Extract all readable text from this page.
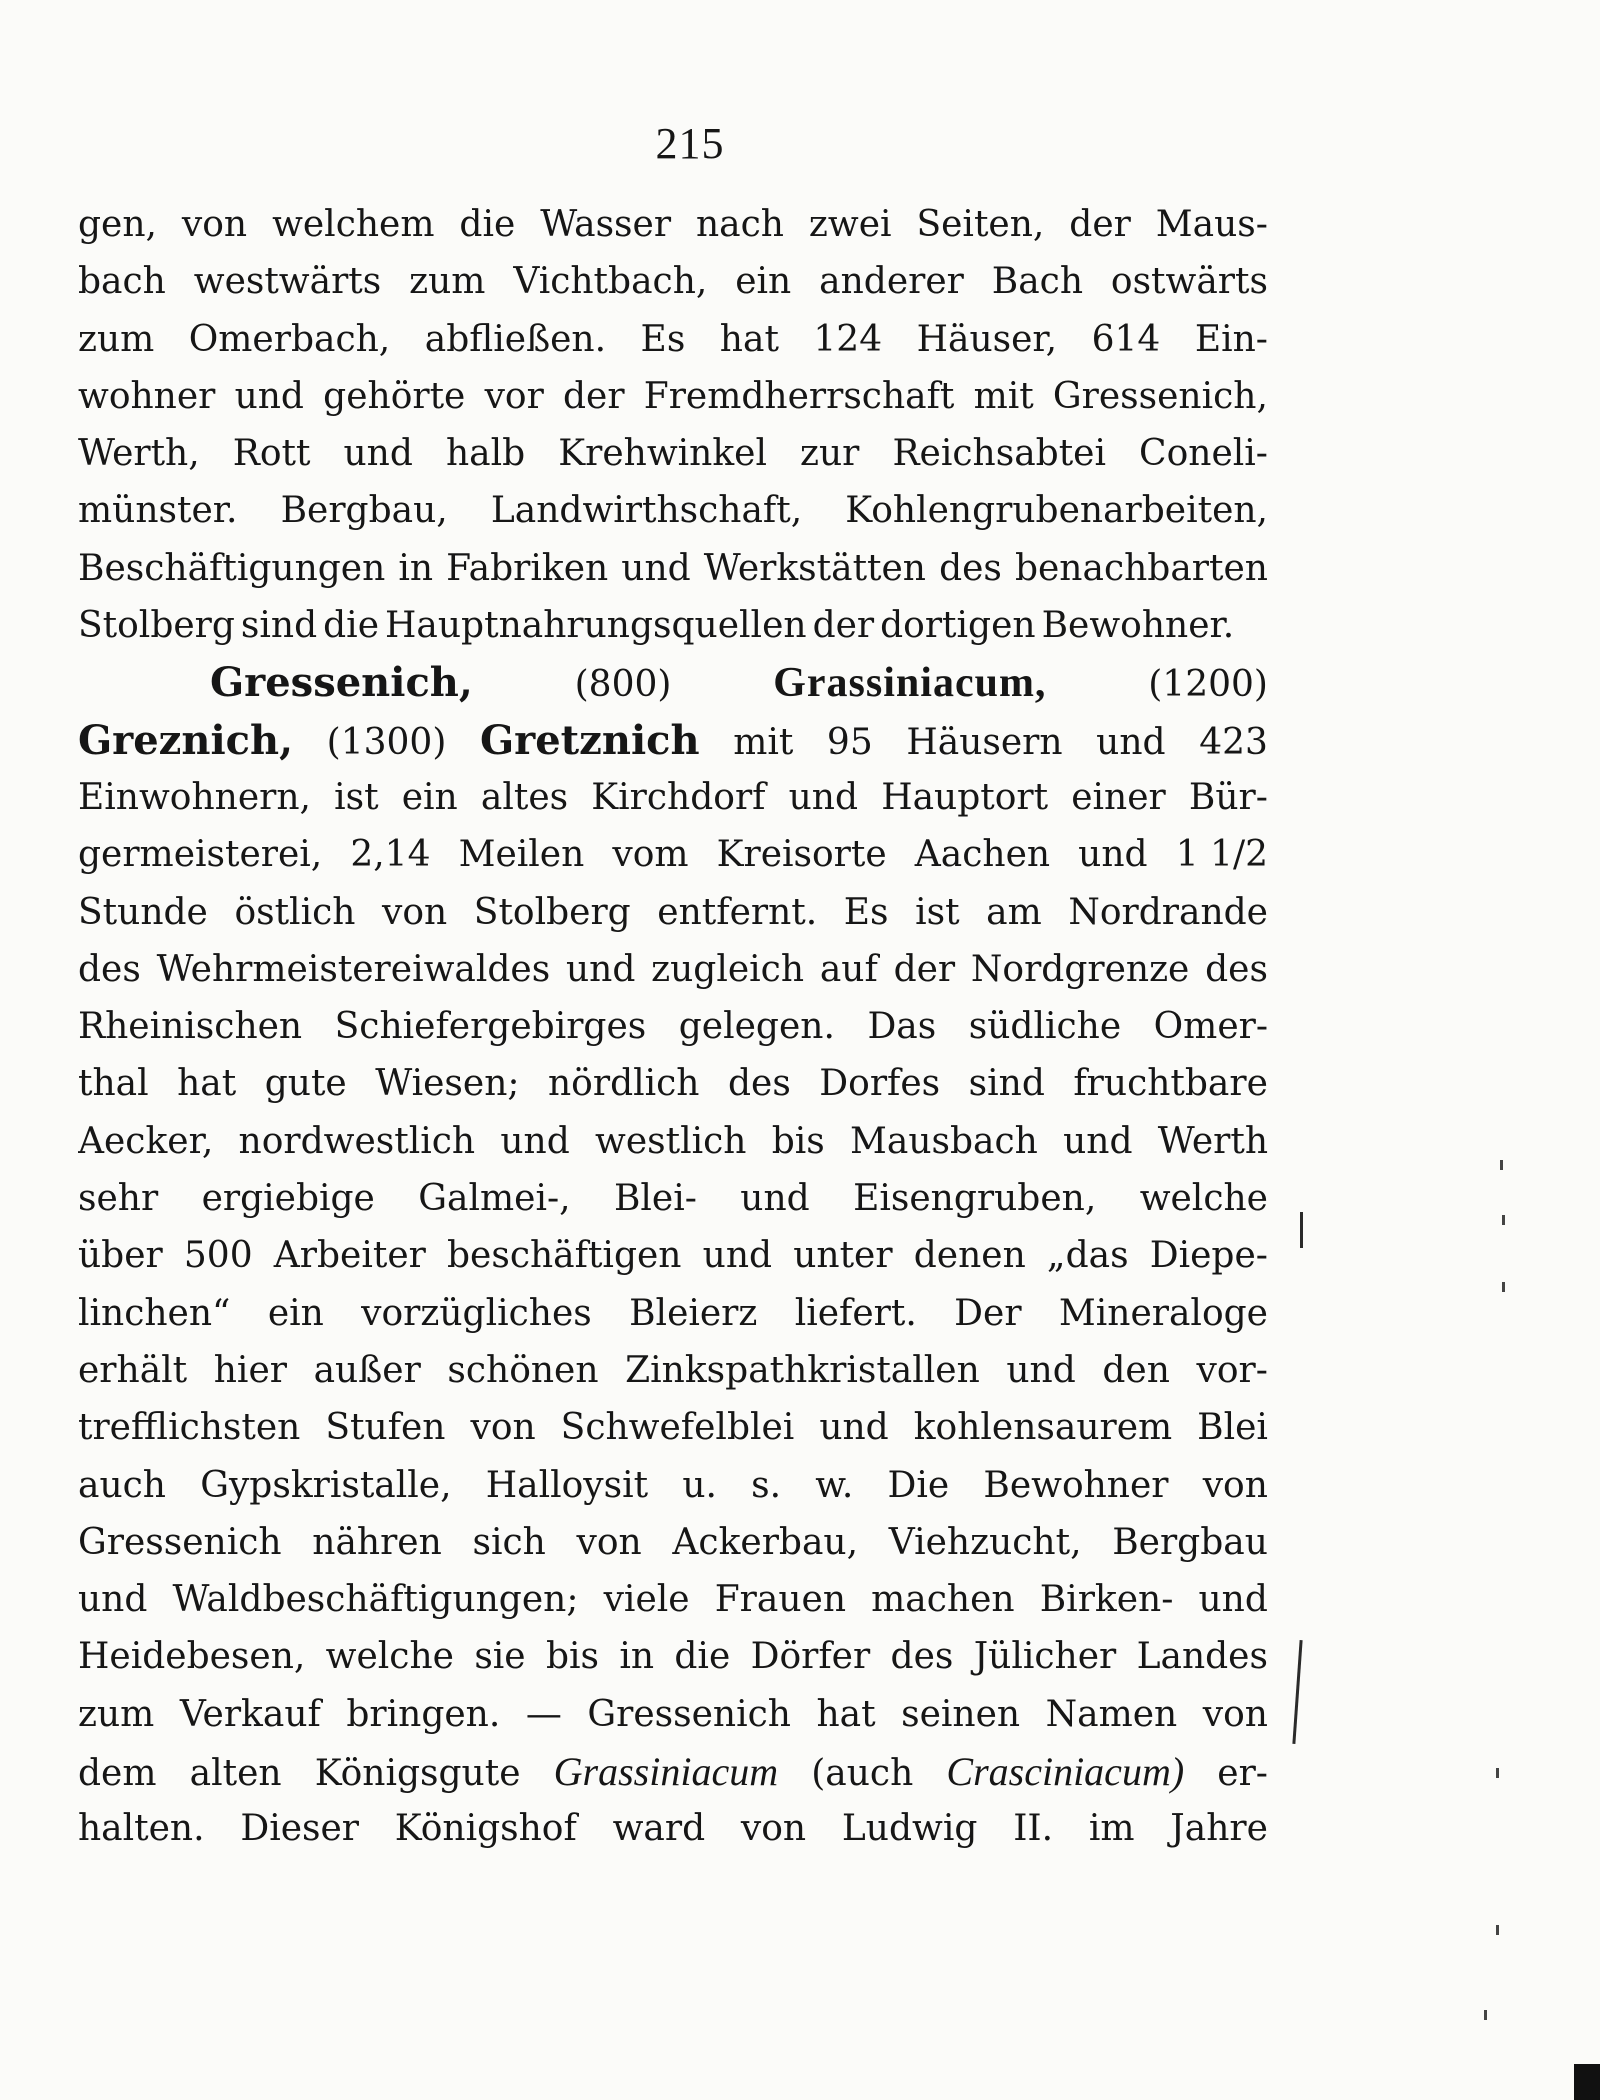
215
gen, von welchem die Wasser nach zwei Seiten, der Maus-
bach westwärts zum Vichtbach, ein anderer Bach ostwärts
zum Omerbach, abfließen. Es hat 124 Häuser, 614 Ein-
wohner und gehörte vor der Fremdherrschaft mit Gressenich,
Werth, Rott und halb Krehwinkel zur Reichsabtei Coneli-
münster. Bergbau, Landwirthschaft, Kohlengrubenarbeiten,
Beschäftigungen in Fabriken und Werkstätten des benachbarten
Stolberg sind die Hauptnahrungsquellen der dortigen Bewohner.
Gressenich,	(800) Grassiniacum,	(1200)
Greznich, (1300) Gretznich mit 95 Häusern und 423
Einwohnern, ist ein altes Kirchdorf und Hauptort einer Bür-
germeisterei, 2,14 Meilen vom Kreisorte Aachen und 1 1/2
Stunde östlich von Stolberg entfernt. Es ist am Nordrande
des Wehrmeistereiwaldes und zugleich auf der Nordgrenze des
Rheinischen Schiefergebirges gelegen. Das südliche Omer-
thal hat gute Wiesen; nördlich des Dorfes sind fruchtbare
Aecker, nordwestlich und westlich bis Mausbach und Werth
sehr ergiebige Galmei-, Blei- und Eisengruben, welche
über 500 Arbeiter beschäftigen und unter denen „das Diepe-
linchen“ ein vorzügliches Bleierz liefert. Der Mineraloge
erhält hier außer schönen Zinkspathkristallen und den vor-
trefflichsten Stufen von Schwefelblei und kohlensaurem Blei
auch Gypskristalle, Halloysit u. s. w. Die Bewohner von
Gressenich nähren sich von Ackerbau, Viehzucht, Bergbau
und Waldbeschäftigungen; viele Frauen machen Birken- und
Heidebesen, welche sie bis in die Dörfer des Jülicher Landes
zum Verkauf bringen. — Gressenich hat seinen Namen von
dem alten Königsgute Grassiniacum (auch Crasciniacum) er-
halten. Dieser Königshof ward von Ludwig II. im Jahre
